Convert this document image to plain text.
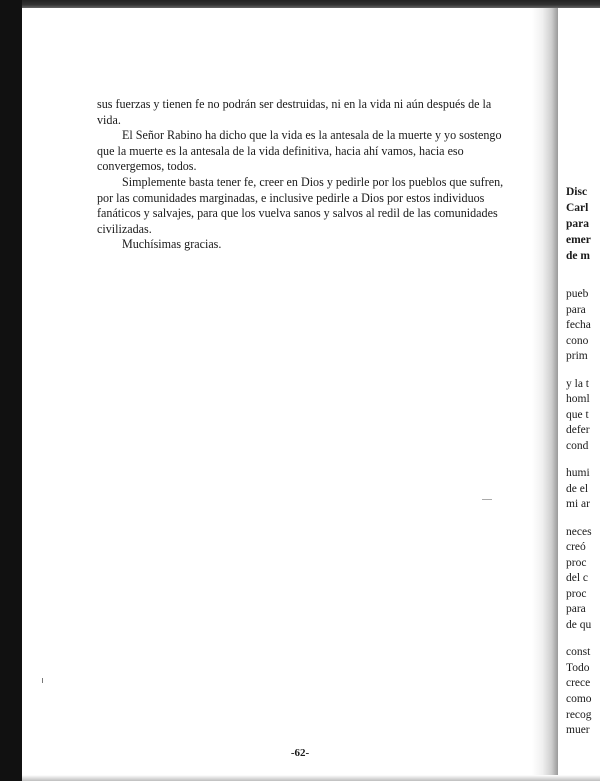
sus fuerzas y tienen fe no podrán ser destruidas, ni en la vida ni aún después de la vida.

El Señor Rabino ha dicho que la vida es la antesala de la muerte y yo sostengo que la muerte es la antesala de la vida definitiva, hacia ahí vamos, hacia eso convergemos, todos.

Simplemente basta tener fe, creer en Dios y pedirle por los pueblos que sufren, por las comunidades marginadas, e inclusive pedirle a Dios por estos individuos fanáticos y salvajes, para que los vuelva sanos y salvos al redil de las comunidades civilizadas.

Muchísimas gracias.

-62-
Disc
Carl
para
emer
de m
pueb
para
fecha
cono
prim
y la t
homl
que t
defer
cond
humi
de el
mi ar
neces
creó
proc
del c
proc
para
de qu
const
Todo
crece
como
recog
muer
